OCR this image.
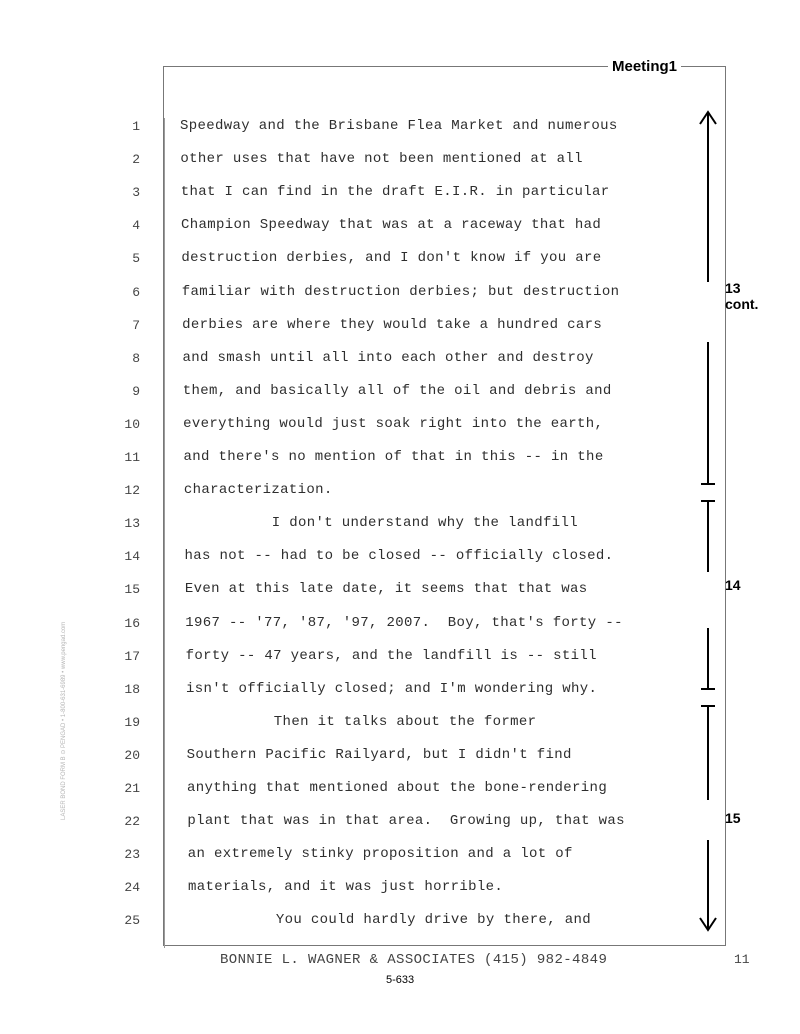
Meeting1
1	Speedway and the Brisbane Flea Market and numerous
2	other uses that have not been mentioned at all
3	that I can find in the draft E.I.R. in particular
4	Champion Speedway that was at a raceway that had
5	destruction derbies, and I don't know if you are
6	familiar with destruction derbies; but destruction
7	derbies are where they would take a hundred cars
8	and smash until all into each other and destroy
9	them, and basically all of the oil and debris and
10	everything would just soak right into the earth,
11	and there's no mention of that in this -- in the
12	characterization.
13	I don't understand why the landfill
14	has not -- had to be closed -- officially closed.
15	Even at this late date, it seems that that was
16	1967 -- '77, '87, '97, 2007.  Boy, that's forty --
17	forty -- 47 years, and the landfill is -- still
18	isn't officially closed; and I'm wondering why.
19	Then it talks about the former
20	Southern Pacific Railyard, but I didn't find
21	anything that mentioned about the bone-rendering
22	plant that was in that area.  Growing up, that was
23	an extremely stinky proposition and a lot of
24	materials, and it was just horrible.
25	You could hardly drive by there, and
13
cont.
14
15
BONNIE L. WAGNER & ASSOCIATES (415) 982-4849	11
5-633
LASER BOND FORM B ⊙ PENGAD • 1-800-631-6989 • www.pengad.com
